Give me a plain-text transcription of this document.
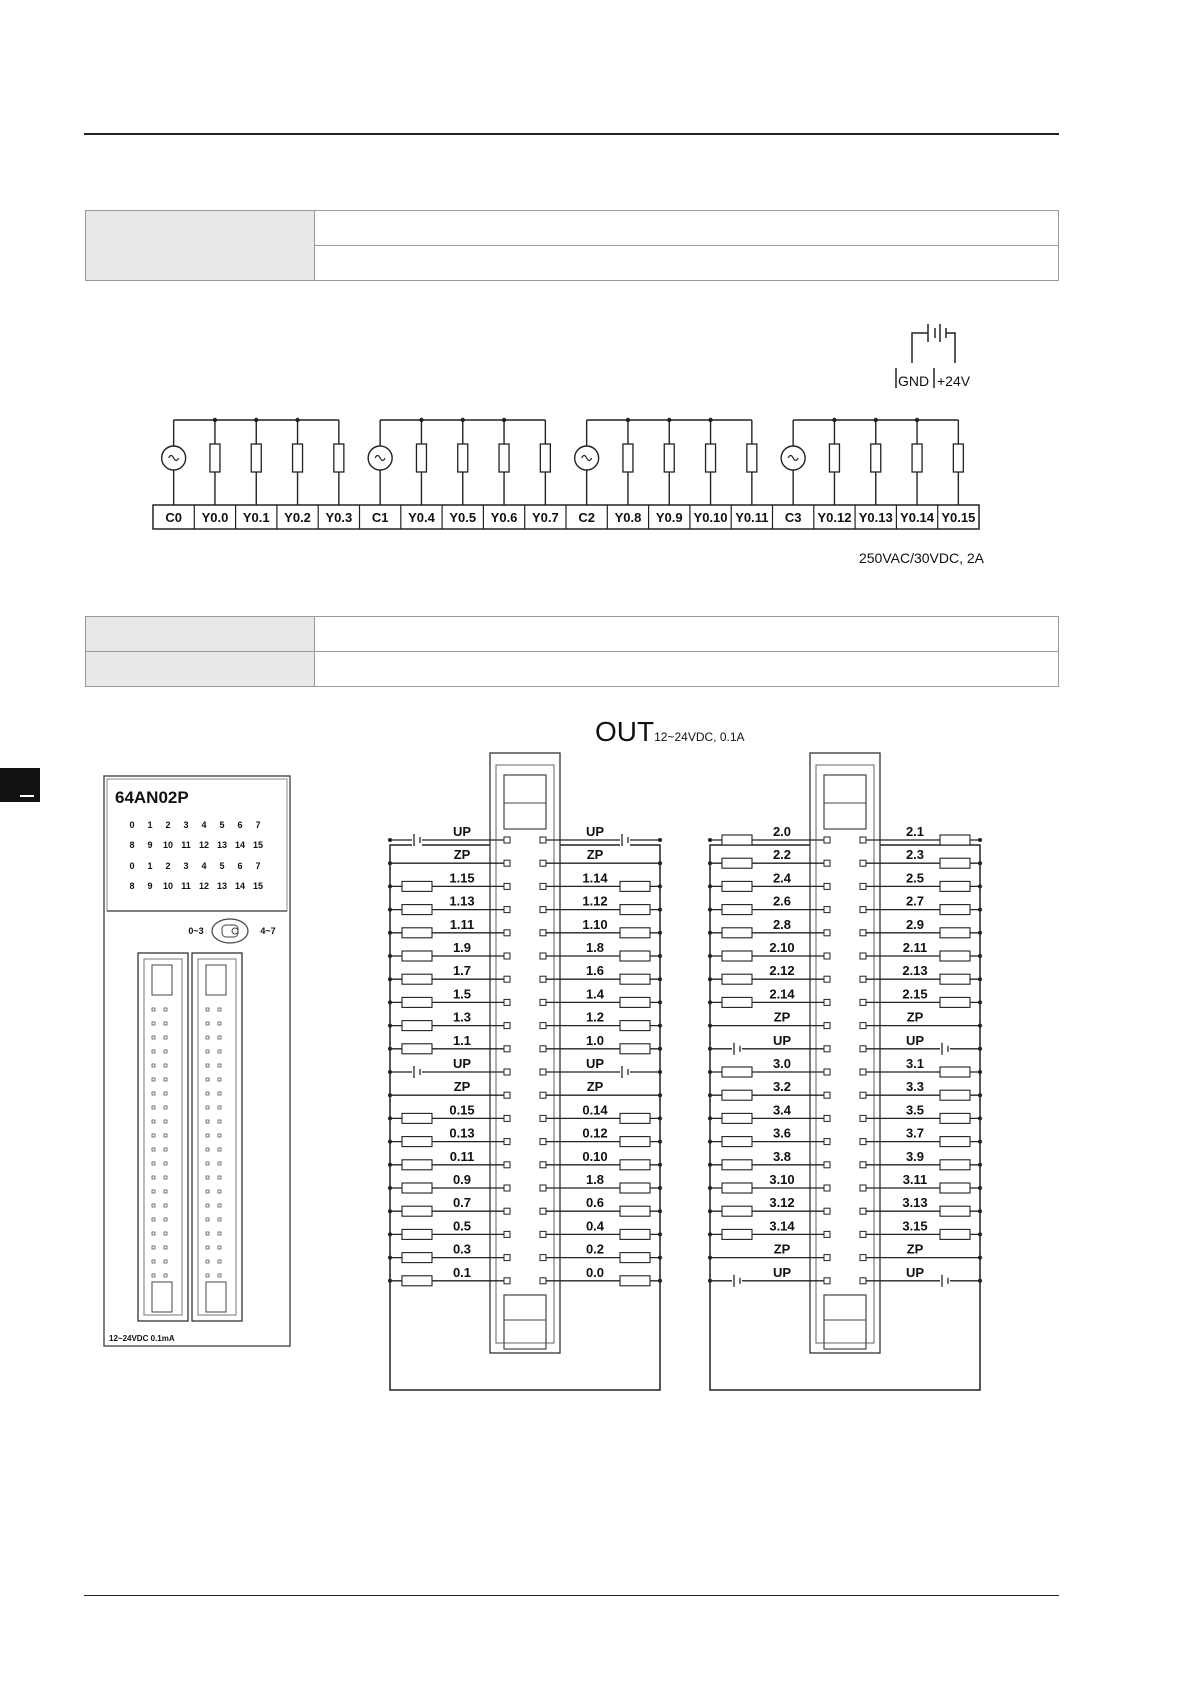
GND +24V
C0 Y0.0 Y0.1 Y0.2 Y0.3 C1 Y0.4 Y0.5 Y0.6 Y0.7 C2 Y0.8 Y0.9 Y0.10 Y0.11 C3 Y0.12 Y0.13 Y0.14 Y0.15
250VAC/30VDC, 2A

OUT12~24VDC, 0.1A
64AN02P
0 1 2 3 4 5 6 7
8 9 10 11 12 13 14 15
0 1 2 3 4 5 6 7
8 9 10 11 12 13 14 15
0~3	4~7
12~24VDC 0.1mA
UP	UP
ZP	ZP
1.15	1.14
1.13	1.12
1.11	1.10
1.9	1.8
1.7	1.6
1.5	1.4
1.3	1.2
1.1	1.0
UP	UP
ZP	ZP
0.15	0.14
0.13	0.12
0.11	0.10
0.9	1.8
0.7	0.6
0.5	0.4
0.3	0.2
0.1	0.0
2.0	2.1
2.2	2.3
2.4	2.5
2.6	2.7
2.8	2.9
2.10	2.11
2.12	2.13
2.14	2.15
ZP	ZP
UP	UP
3.0	3.1
3.2	3.3
3.4	3.5
3.6	3.7
3.8	3.9
3.10	3.11
3.12	3.13
3.14	3.15
ZP	ZP
UP	UP
